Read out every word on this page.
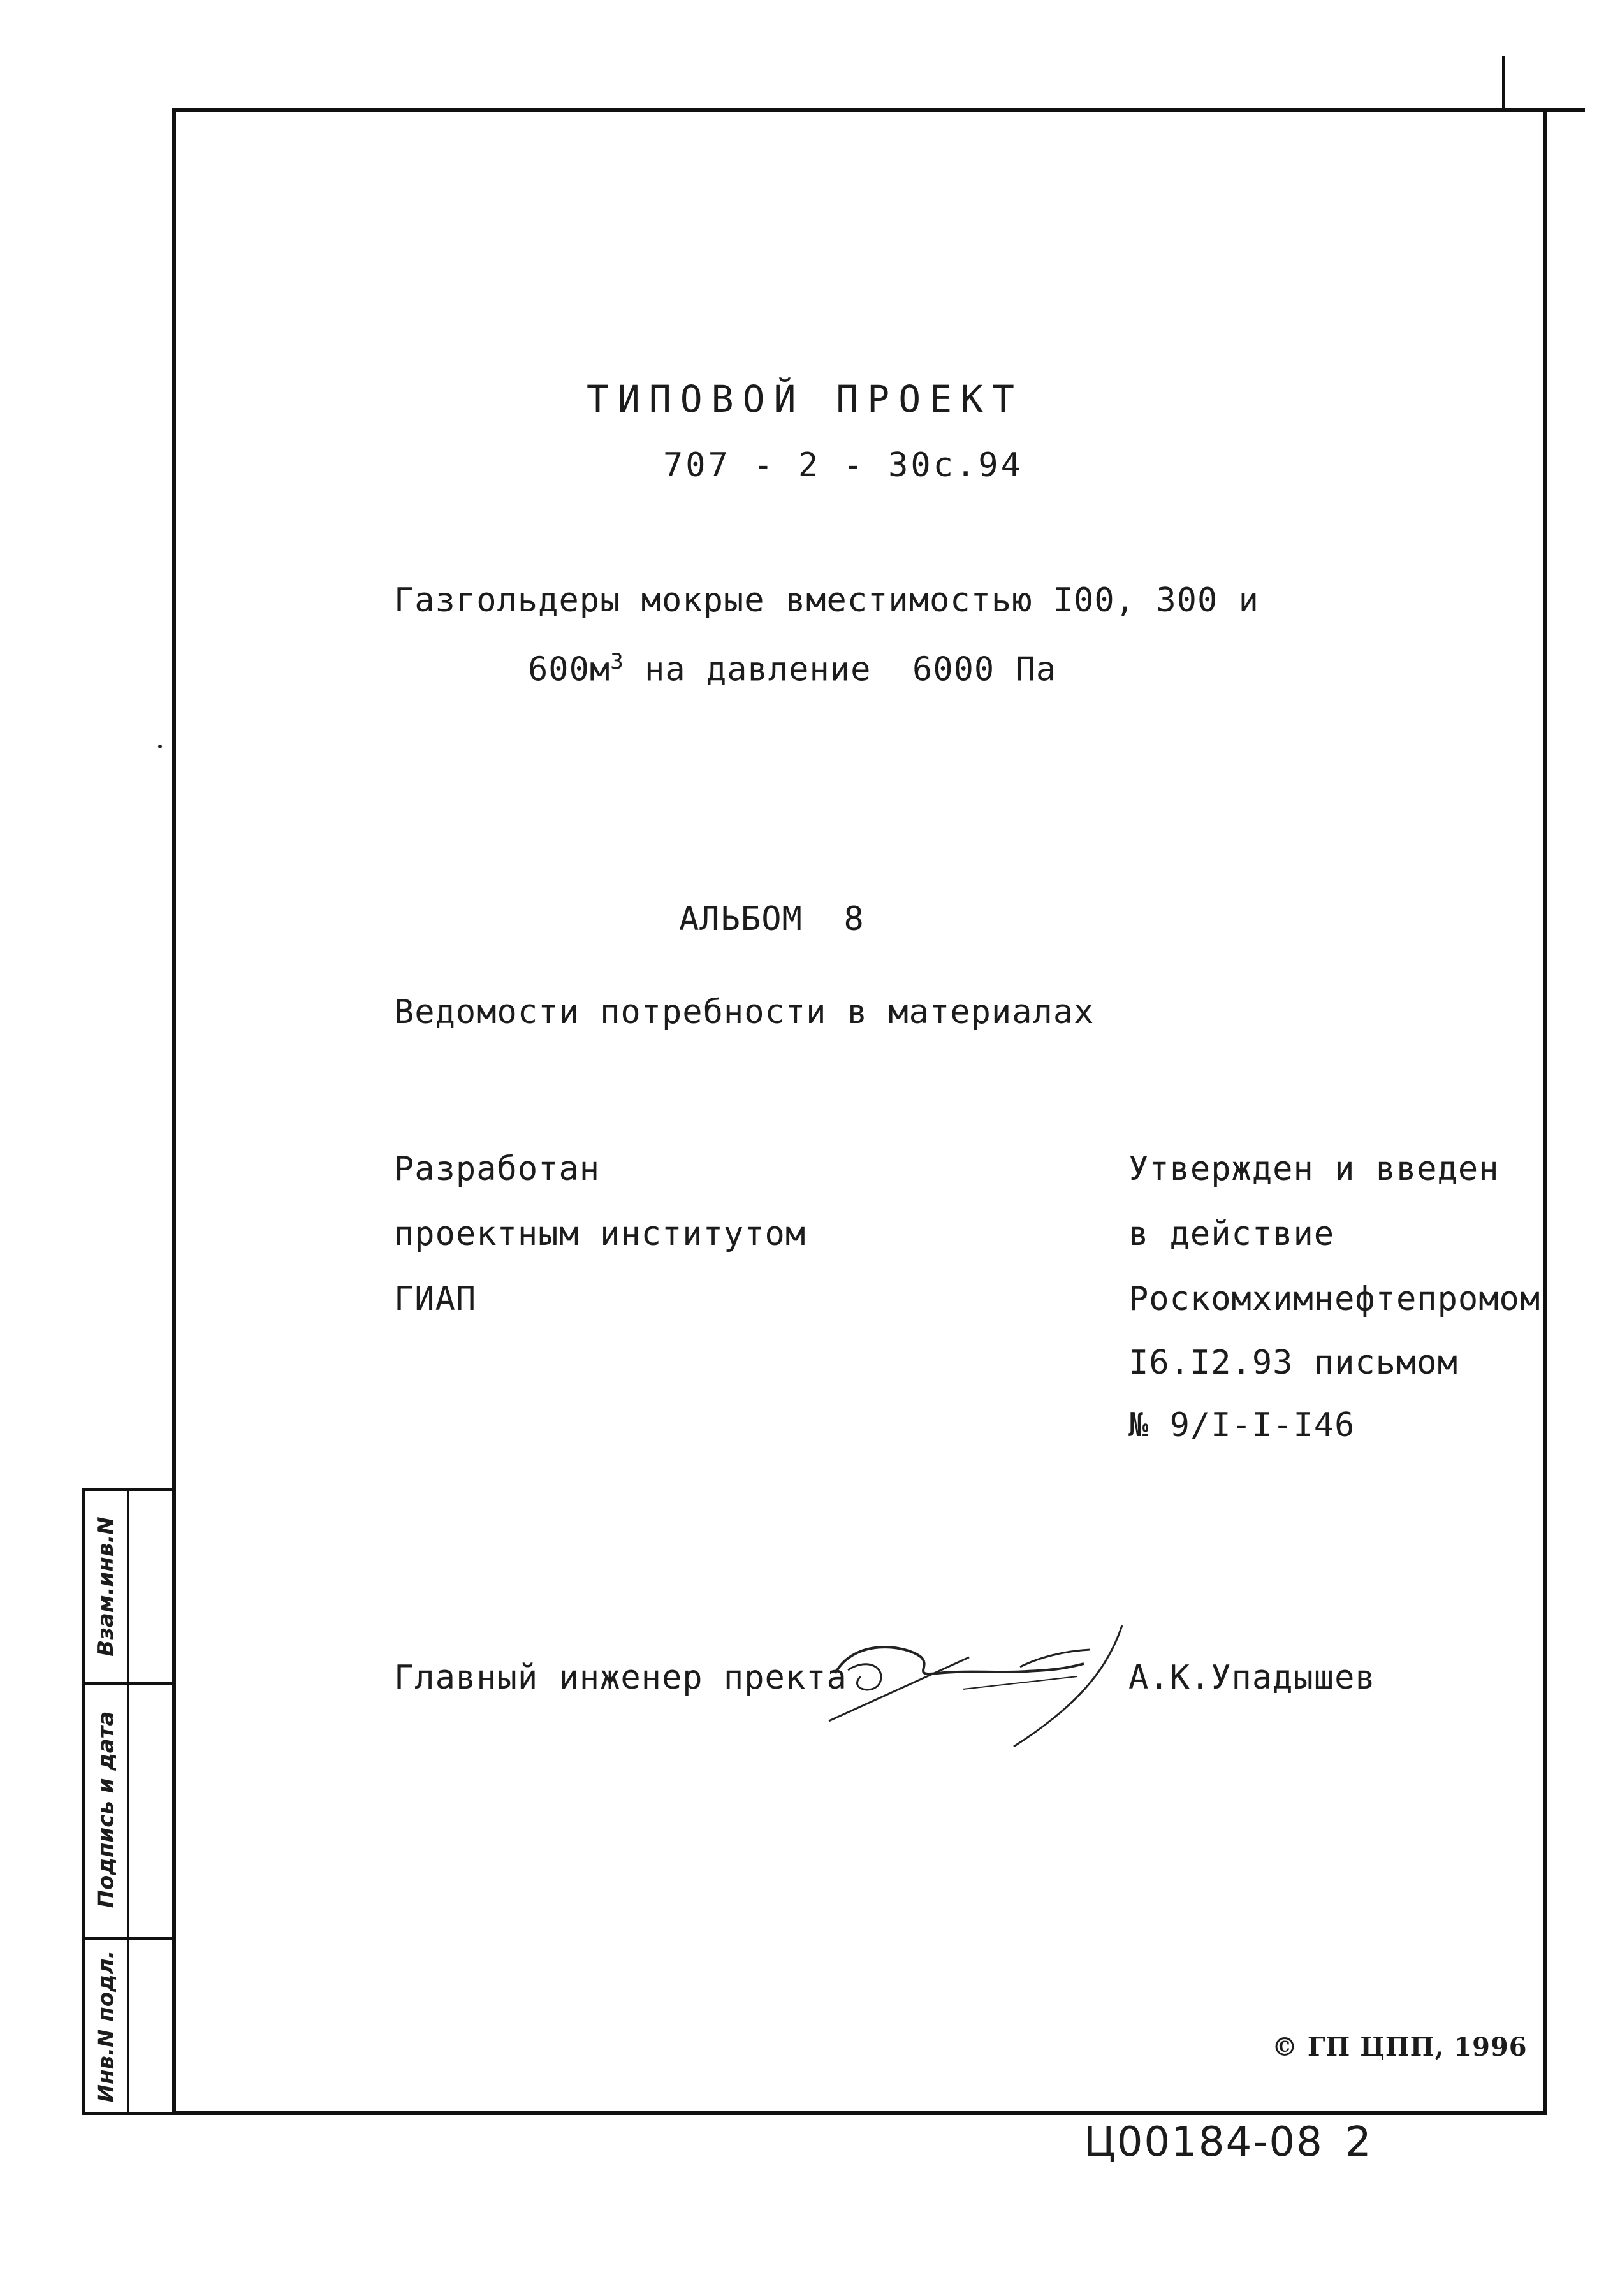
ТИПОВОЙ ПРОЕКТ
707 - 2 - 30с.94
Газгольдеры мокрые вместимостью I00, 300 и
$600м^3$ на давление  6000 Па
АЛЬБОМ  8
Ведомости потребности в материалах
Разработан
проектным институтом
ГИАП
Утвержден и введен
в действие
Роскомхимнефтепромом
I6.I2.93 письмом
№ 9/I-I-I46
Главный инженер пректа	А.К.Упадышев
© ГП ЦПП, 1996
Ц00184-08 2
Взам.инв.N
Подпись и дата
Инв.N подл.
